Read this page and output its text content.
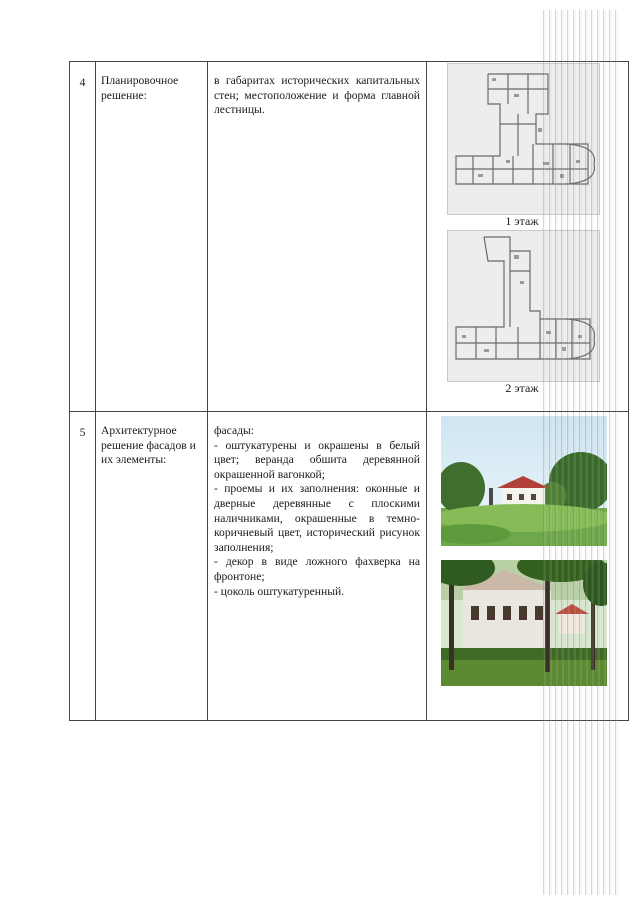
4	Планировочное решение:	в габаритах исторических капитальных стен; местоположение и форма главной лестницы.	1 этаж
2 этаж

5	Архитектурное решение фасадов и их элементы:	фасады:

- оштукатурены и окрашены в белый цвет; веранда обшита деревянной окрашенной вагонкой;

- проемы и их заполнения: оконные и дверные деревянные с плоскими наличниками, окрашенные в темно-коричневый цвет, исторический рисунок заполнения;

- декор в виде ложного фахверка на фронтоне;

- цоколь оштукатуренный.
